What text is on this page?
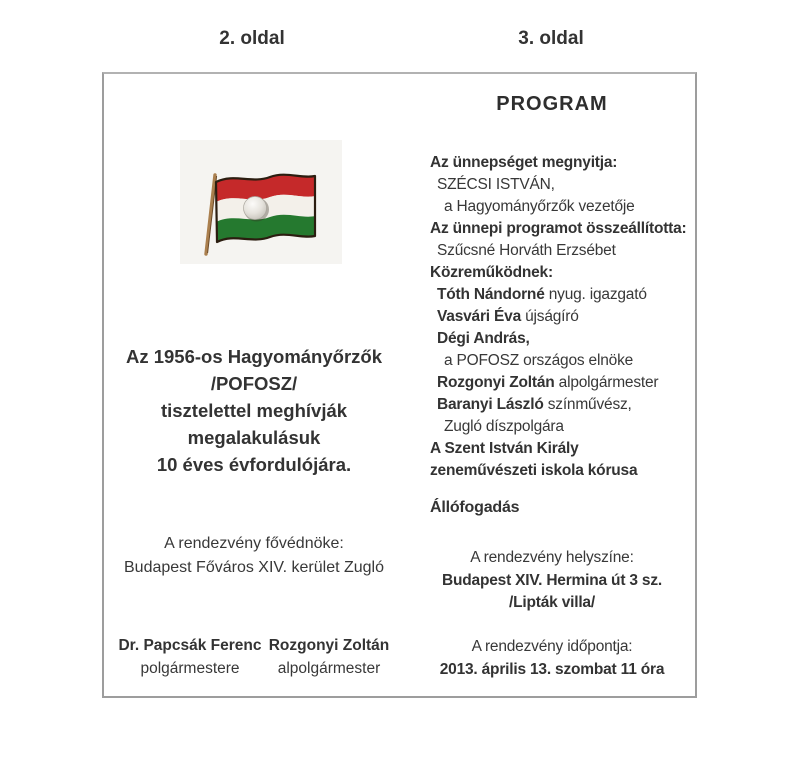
2. oldal	3. oldal
Az 1956-os Hagyományőrzők
/POFOSZ/
tisztelettel meghívják
megalakulásuk
10 éves évfordulójára.
A rendezvény fővédnöke:
Budapest Főváros XIV. kerület Zugló
Dr. Papcsák Ferenc
polgármestere
Rozgonyi Zoltán
alpolgármester
PROGRAM
Az ünnepséget megnyitja:
SZÉCSI ISTVÁN,
a Hagyományőrzők vezetője
Az ünnepi programot összeállította:
Szűcsné Horváth Erzsébet
Közreműködnek:
Tóth Nándorné nyug. igazgató
Vasvári Éva újságíró
Dégi András,
a POFOSZ országos elnöke
Rozgonyi Zoltán alpolgármester
Baranyi László színművész,
Zugló díszpolgára
A Szent István Király
zeneművészeti iskola kórusa
Állófogadás
A rendezvény helyszíne:
Budapest XIV. Hermina út 3 sz.
/Lipták villa/
A rendezvény időpontja:
2013. április 13. szombat 11 óra
